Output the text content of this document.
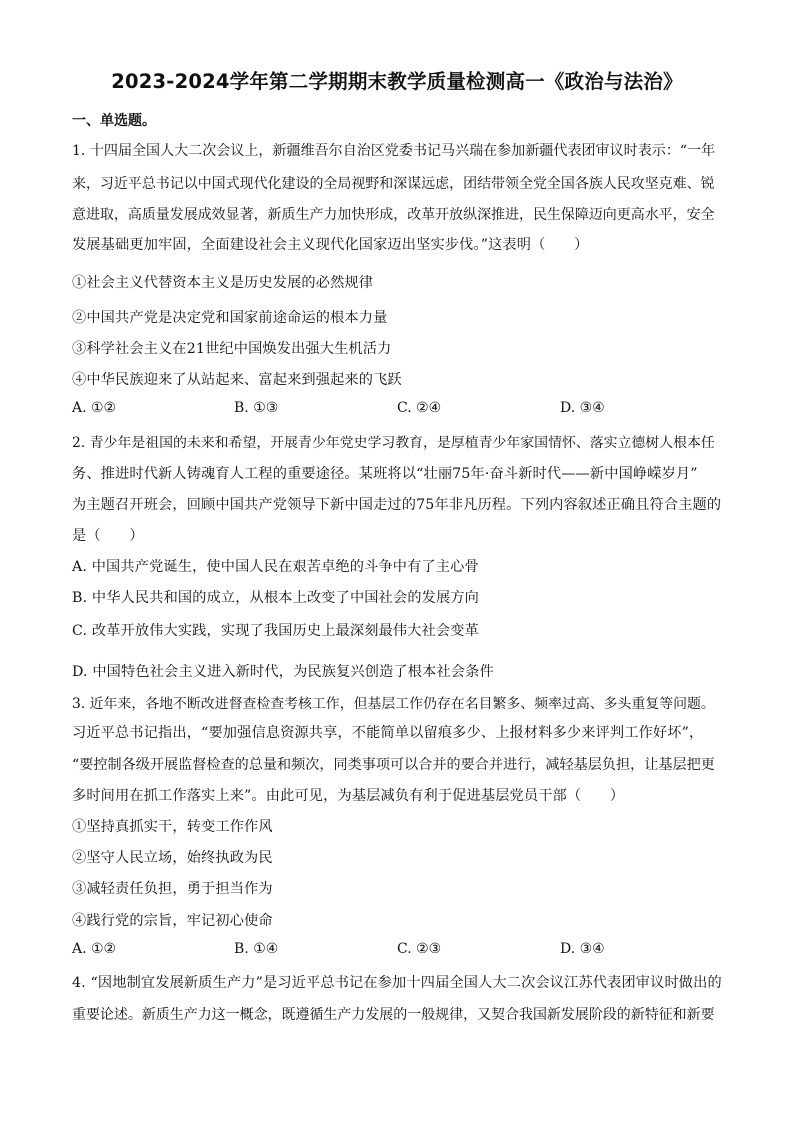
2023-2024学年第二学期期末教学质量检测高一《政治与法治》
一、单选题。
1. 十四届全国人大二次会议上，新疆维吾尔自治区党委书记马兴瑞在参加新疆代表团审议时表示：“一年
来，习近平总书记以中国式现代化建设的全局视野和深谋远虑，团结带领全党全国各族人民攻坚克难、锐
意进取，高质量发展成效显著，新质生产力加快形成，改革开放纵深推进，民生保障迈向更高水平，安全
发展基础更加牢固，全面建设社会主义现代化国家迈出坚实步伐。”这表明（　　）
①社会主义代替资本主义是历史发展的必然规律
②中国共产党是决定党和国家前途命运的根本力量
③科学社会主义在21世纪中国焕发出强大生机活力
④中华民族迎来了从站起来、富起来到强起来的飞跃
A. ①②	B. ①③	C. ②④	D. ③④
2. 青少年是祖国的未来和希望，开展青少年党史学习教育，是厚植青少年家国情怀、落实立德树人根本任
务、推进时代新人铸魂育人工程的重要途径。某班将以“壮丽75年·奋斗新时代——新中国峥嵘岁月”
为主题召开班会，回顾中国共产党领导下新中国走过的75年非凡历程。下列内容叙述正确且符合主题的
是（　　）
A. 中国共产党诞生，使中国人民在艰苦卓绝的斗争中有了主心骨
B. 中华人民共和国的成立，从根本上改变了中国社会的发展方向
C. 改革开放伟大实践，实现了我国历史上最深刻最伟大社会变革
D. 中国特色社会主义进入新时代，为民族复兴创造了根本社会条件
3. 近年来，各地不断改进督查检查考核工作，但基层工作仍存在名目繁多、频率过高、多头重复等问题。
习近平总书记指出，“要加强信息资源共享，不能简单以留痕多少、上报材料多少来评判工作好坏”，
“要控制各级开展监督检查的总量和频次，同类事项可以合并的要合并进行，减轻基层负担，让基层把更
多时间用在抓工作落实上来”。由此可见，为基层减负有利于促进基层党员干部（　　）
①坚持真抓实干，转变工作作风
②坚守人民立场，始终执政为民
③减轻责任负担，勇于担当作为
④践行党的宗旨，牢记初心使命
A. ①②	B. ①④	C. ②③	D. ③④
4. “因地制宜发展新质生产力”是习近平总书记在参加十四届全国人大二次会议江苏代表团审议时做出的
重要论述。新质生产力这一概念，既遵循生产力发展的一般规律，又契合我国新发展阶段的新特征和新要
